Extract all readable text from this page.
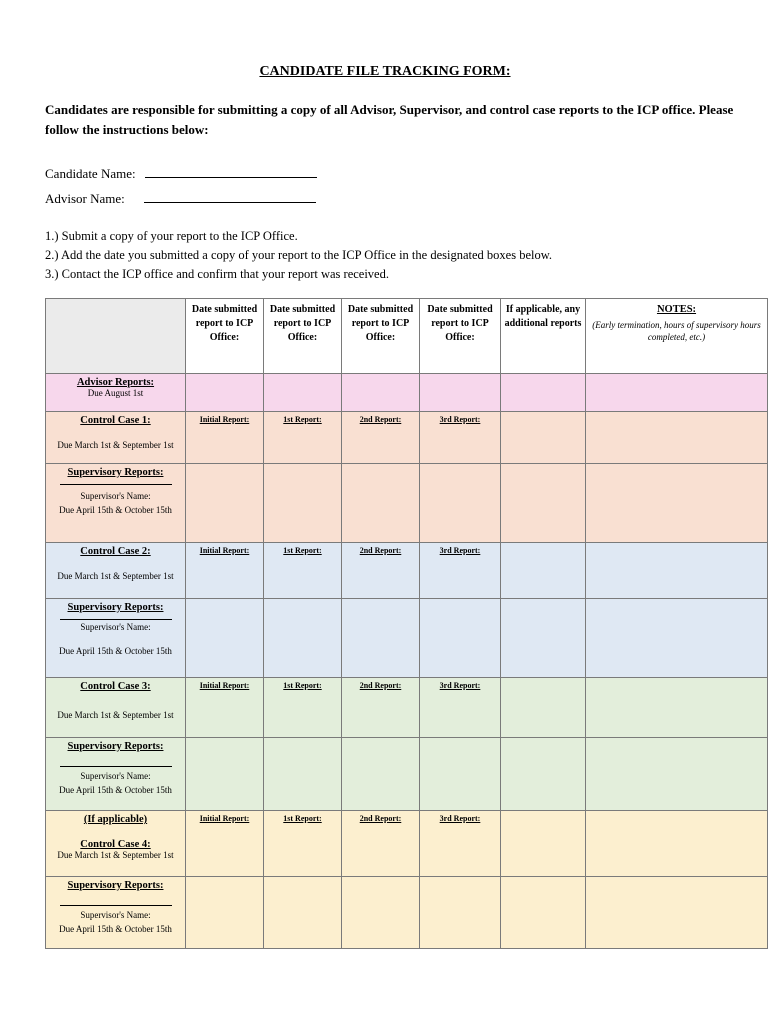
CANDIDATE FILE TRACKING FORM:
Candidates are responsible for submitting a copy of all Advisor, Supervisor, and control case reports to the ICP office. Please follow the instructions below:
Candidate Name:
Advisor Name:
1.) Submit a copy of your report to the ICP Office.
2.) Add the date you submitted a copy of your report to the ICP Office in the designated boxes below.
3.) Contact the ICP office and confirm that your report was received.
	Date submitted report to ICP Office:	Date submitted report to ICP Office:	Date submitted report to ICP Office:	Date submitted report to ICP Office:	If applicable, any additional reports	NOTES:
(Early termination, hours of supervisory hours completed, etc.)

Advisor Reports:
Due August 1st						

Control Case 1:
Due March 1st & September 1st	Initial Report:	1st Report:	2nd Report:	3rd Report:		

Supervisory Reports:
Supervisor's Name:
Due April 15th & October 15th						

Control Case 2:
Due March 1st & September 1st	Initial Report:	1st Report:	2nd Report:	3rd Report:		

Supervisory Reports:
Supervisor's Name:
Due April 15th & October 15th						

Control Case 3:
Due March 1st & September 1st	Initial Report:	1st Report:	2nd Report:	3rd Report:		

Supervisory Reports:
Supervisor's Name:
Due April 15th & October 15th						

(If applicable)
Control Case 4:
Due March 1st & September 1st	Initial Report:	1st Report:	2nd Report:	3rd Report:		

Supervisory Reports:
Supervisor's Name:
Due April 15th & October 15th						
